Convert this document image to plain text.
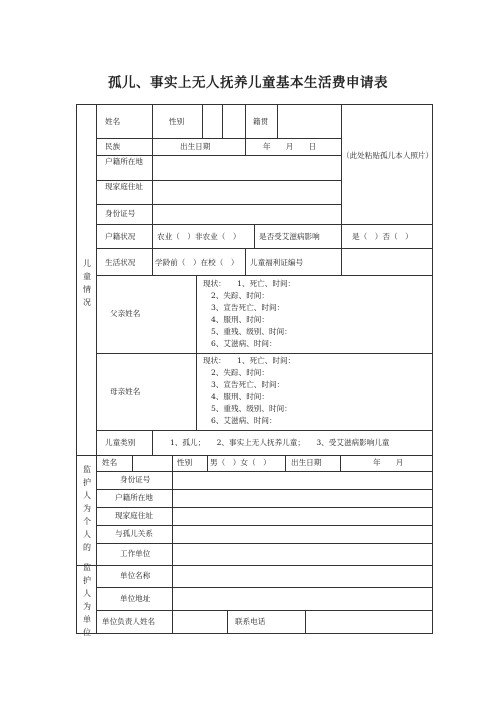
孤儿、事实上无人抚养儿童基本生活费申请表
儿童情况
姓名	性别	籍贯
民族	出生日期	年　　月　　日
户籍所在地
现家庭住址
身份证号
（此处粘贴孤儿本人照片）
户籍状况	农业（　）非农业（　） 是否受艾滋病影响	是（　）否（　）
生活状况	学龄前（　）在校（　） 儿童福利证编号
父亲姓名
现状：　　1、死亡、时间：
2、失踪、时间：
3、宣告死亡、时间：
4、服刑、时间：
5、重残、级别、时间：
6、艾滋病、时间：
母亲姓名
现状：　　1、死亡、时间：
2、失踪、时间：
3、宣告死亡、时间：
4、服刑、时间：
5、重残、级别、时间：
6、艾滋病、时间：
儿童类别	1、孤儿；　　2、事实上无人抚养儿童；　　3、受艾滋病影响儿童
监护人为个人的
姓名	性别 男（　）女（　）	出生日期	年　　月
身份证号
户籍所在地
现家庭住址
与孤儿关系
工作单位
监护人为单位
单位名称
单位地址
单位负责人姓名	联系电话
